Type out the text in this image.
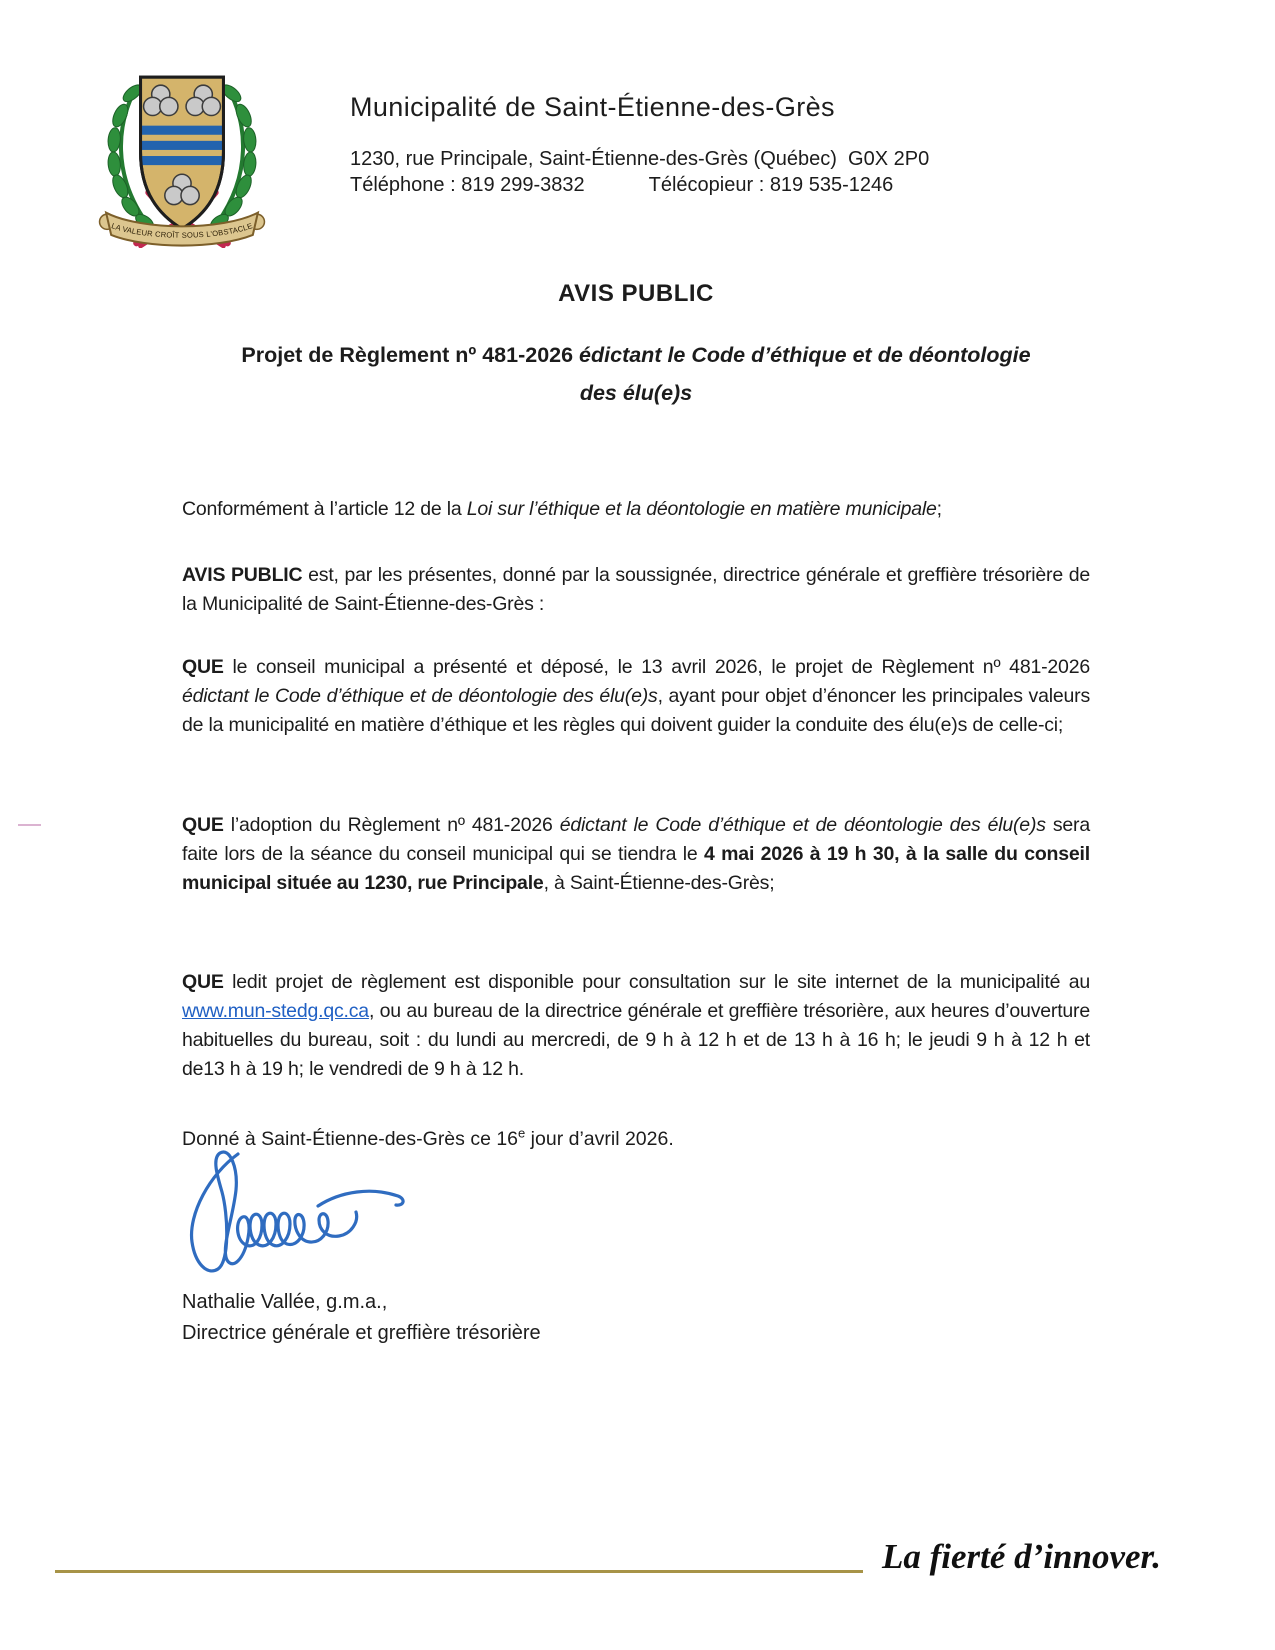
LA VALEUR CROÎT SOUS L'OBSTACLE
Municipalité de Saint-Étienne-des-Grès
1230, rue Principale, Saint-Étienne-des-Grès (Québec)  G0X 2P0
Téléphone : 819 299-3832	Télécopieur : 819 535-1246
AVIS PUBLIC
Projet de Règlement nº 481-2026 édictant le Code d’éthique et de déontologie
des élu(e)s

Conformément à l’article 12 de la Loi sur l’éthique et la déontologie en matière municipale;

AVIS PUBLIC est, par les présentes, donné par la soussignée, directrice générale et greffière trésorière de la Municipalité de Saint-Étienne-des-Grès :

QUE le conseil municipal a présenté et déposé, le 13 avril 2026, le projet de Règlement nº 481-2026 édictant le Code d’éthique et de déontologie des élu(e)s, ayant pour objet d’énoncer les principales valeurs de la municipalité en matière d’éthique et les règles qui doivent guider la conduite des élu(e)s de celle-ci;

QUE l’adoption du Règlement nº 481-2026 édictant le Code d’éthique et de déontologie des élu(e)s sera faite lors de la séance du conseil municipal qui se tiendra le 4 mai 2026 à 19 h 30, à la salle du conseil municipal située au 1230, rue Principale, à Saint-Étienne-des-Grès;

QUE ledit projet de règlement est disponible pour consultation sur le site internet de la municipalité au www.mun-stedg.qc.ca, ou au bureau de la directrice générale et greffière trésorière, aux heures d’ouverture habituelles du bureau, soit : du lundi au mercredi, de 9 h à 12 h et de 13 h à 16 h; le jeudi 9 h à 12 h et de13 h à 19 h; le vendredi de 9 h à 12 h.

Donné à Saint-Étienne-des-Grès ce 16e jour d’avril 2026.
Nathalie Vallée, g.m.a.,
Directrice générale et greffière trésorière
La fierté d’innover.
